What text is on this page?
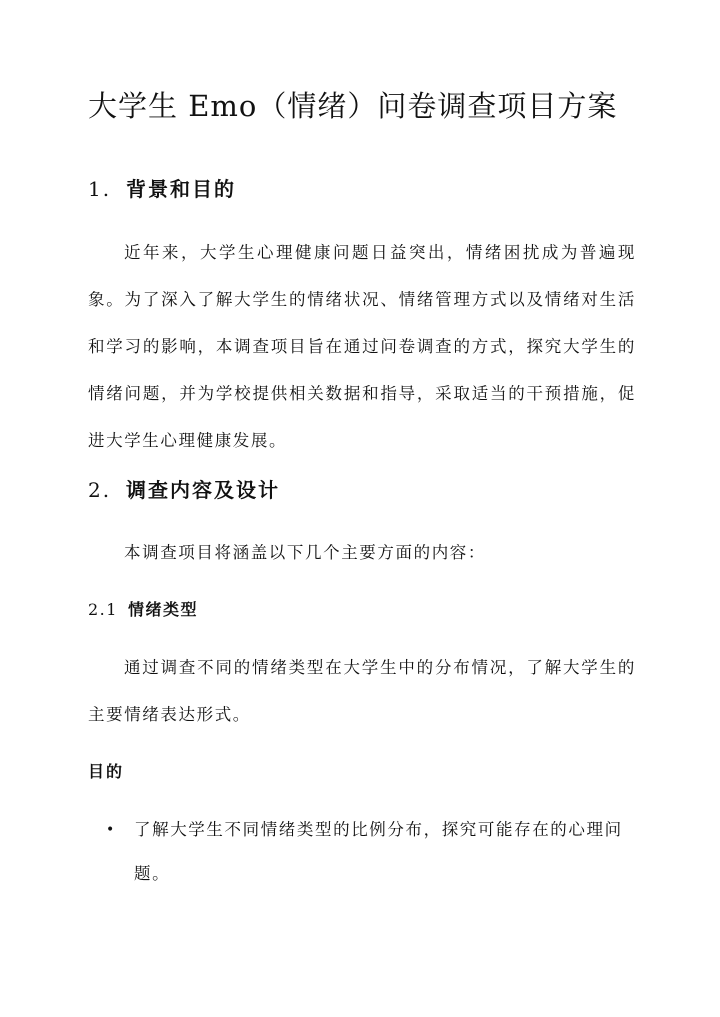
大学生 Emo（情绪）问卷调查项目方案
1. 背景和目的

近年来，大学生心理健康问题日益突出，情绪困扰成为普遍现象。为了深入了解大学生的情绪状况、情绪管理方式以及情绪对生活和学习的影响，本调查项目旨在通过问卷调查的方式，探究大学生的情绪问题，并为学校提供相关数据和指导，采取适当的干预措施，促进大学生心理健康发展。

2. 调查内容及设计

本调查项目将涵盖以下几个主要方面的内容：

2.1 情绪类型

通过调查不同的情绪类型在大学生中的分布情况，了解大学生的主要情绪表达形式。

目的
•	了解大学生不同情绪类型的比例分布，探究可能存在的心理问题。
